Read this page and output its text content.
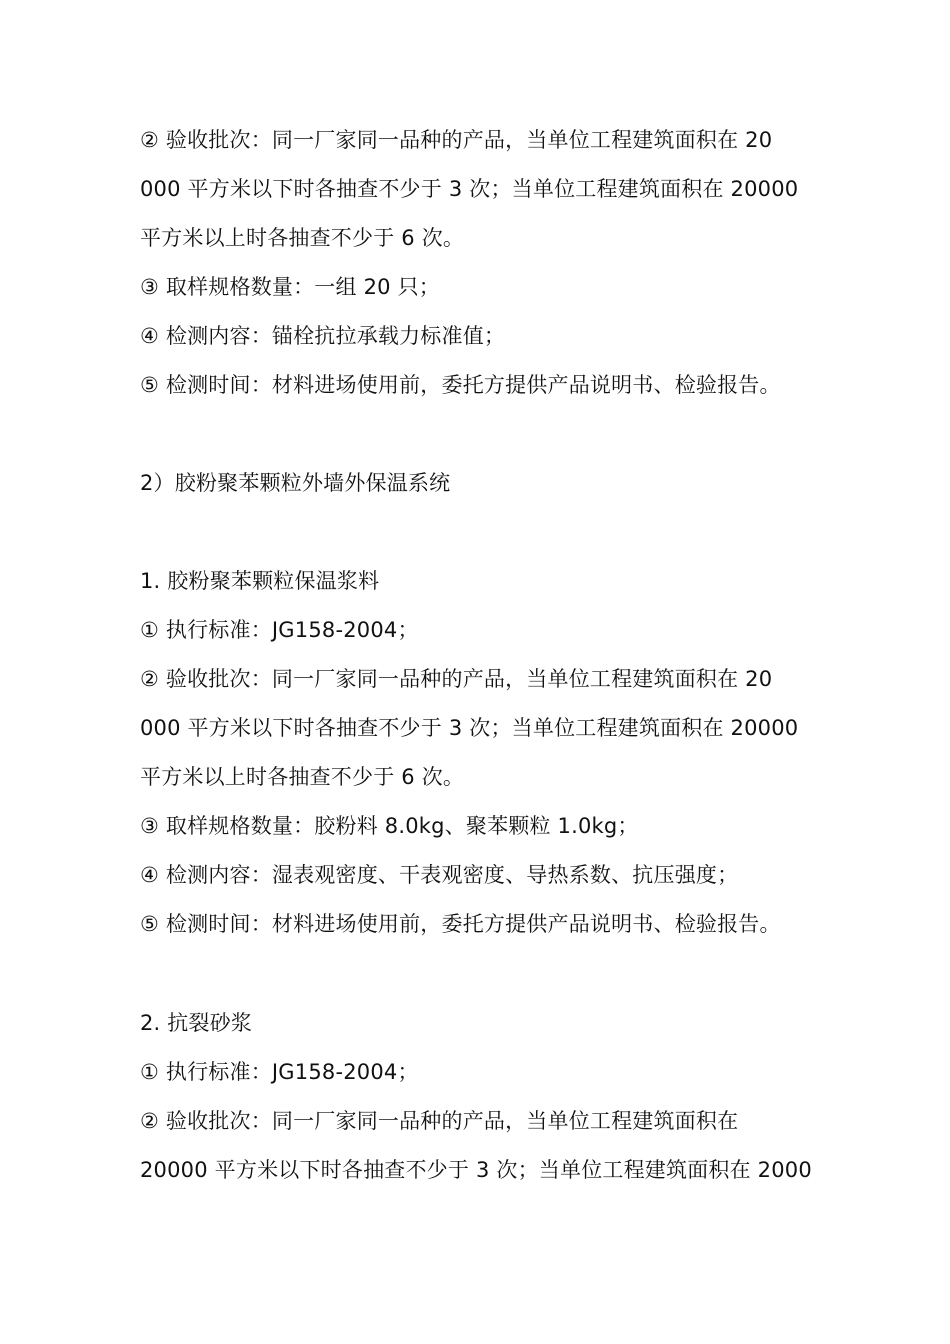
② 验收批次：同一厂家同一品种的产品，当单位工程建筑面积在 20
000 平方米以下时各抽查不少于 3 次；当单位工程建筑面积在 20000
平方米以上时各抽查不少于 6 次。
③ 取样规格数量：一组 20 只；
④ 检测内容：锚栓抗拉承载力标准值；
⑤ 检测时间：材料进场使用前，委托方提供产品说明书、检验报告。
2）胶粉聚苯颗粒外墙外保温系统
1. 胶粉聚苯颗粒保温浆料
① 执行标准：JG158-2004；
② 验收批次：同一厂家同一品种的产品，当单位工程建筑面积在 20
000 平方米以下时各抽查不少于 3 次；当单位工程建筑面积在 20000
平方米以上时各抽查不少于 6 次。
③ 取样规格数量：胶粉料 8.0kg、聚苯颗粒 1.0kg；
④ 检测内容：湿表观密度、干表观密度、导热系数、抗压强度；
⑤ 检测时间：材料进场使用前，委托方提供产品说明书、检验报告。
2. 抗裂砂浆
① 执行标准：JG158-2004；
② 验收批次：同一厂家同一品种的产品，当单位工程建筑面积在
20000 平方米以下时各抽查不少于 3 次；当单位工程建筑面积在 2000
